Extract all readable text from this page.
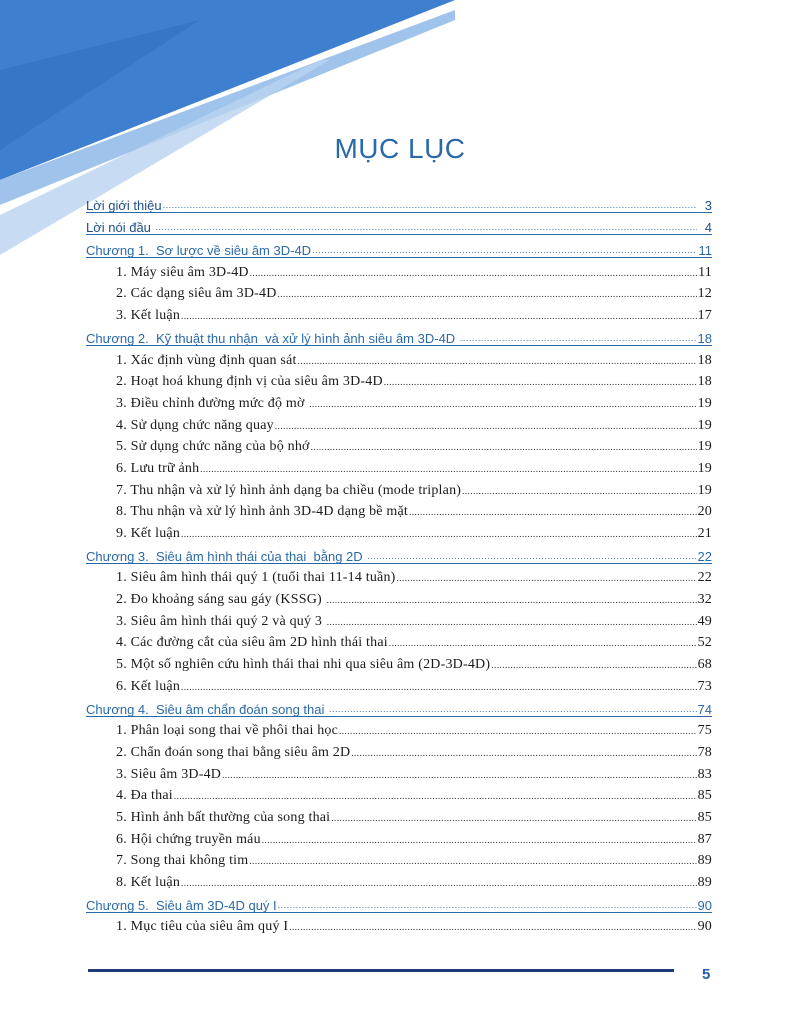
MỤC LỤC
Lời giới thiệu .....	3
Lời nói đầu .....	4
Chương 1.  Sơ lược về siêu âm 3D-4D .....	11
1. Máy siêu âm 3D-4D .....	11
2. Các dạng siêu âm 3D-4D .....	12
3. Kết luận .....	17
Chương 2.  Kỹ thuật thu nhận  và xử lý hình ảnh siêu âm 3D-4D .....	18
1. Xác định vùng định quan sát .....	18
2. Hoạt hoá khung định vị của siêu âm 3D-4D .....	18
3. Điều chỉnh đường mức độ mờ .....	19
4. Sử dụng chức năng quay .....	19
5. Sử dụng chức năng của bộ nhớ .....	19
6. Lưu trữ ảnh .....	19
7. Thu nhận và xử lý hình ảnh dạng ba chiều (mode triplan) .....	19
8. Thu nhận và xử lý hình ảnh 3D-4D dạng bề mặt .....	20
9. Kết luận .....	21
Chương 3.  Siêu âm hình thái của thai  bằng 2D .....	22
1. Siêu âm hình thái quý 1 (tuổi thai 11-14 tuần) .....	22
2. Đo khoảng sáng sau gáy (KSSG) .....	32
3. Siêu âm hình thái quý 2 và quý 3 .....	49
4. Các đường cắt của siêu âm 2D hình thái thai .....	52
5. Một số nghiên cứu hình thái thai nhi qua siêu âm (2D-3D-4D) .....	68
6. Kết luận .....	73
Chương 4.  Siêu âm chẩn đoán song thai .....	74
1. Phân loại song thai về phôi thai học .....	75
2. Chẩn đoán song thai bằng siêu âm 2D .....	78
3. Siêu âm 3D-4D .....	83
4. Đa thai .....	85
5. Hình ảnh bất thường của song thai .....	85
6. Hội chứng truyền máu .....	87
7. Song thai không tim .....	89
8. Kết luận .....	89
Chương 5.  Siêu âm 3D-4D quý I .....	90
1. Mục tiêu của siêu âm quý I .....	90
5
